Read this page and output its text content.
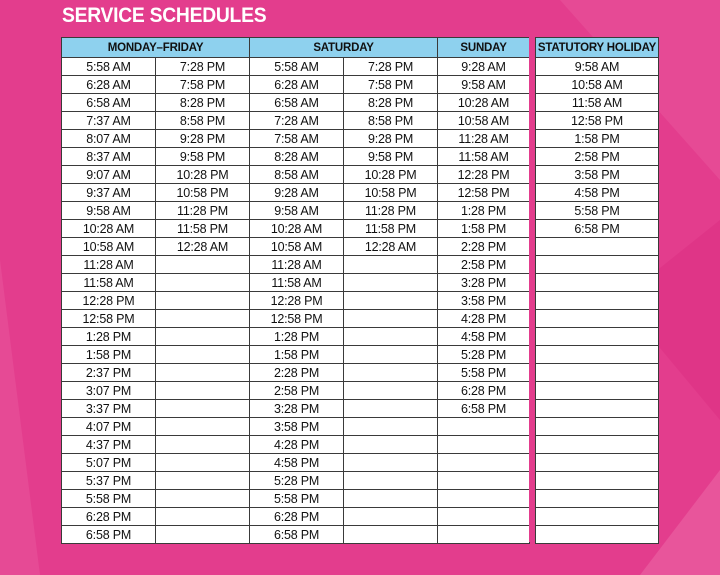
SERVICE SCHEDULES
MONDAY–FRIDAY		SATURDAY		SUNDAY
5:58 AM	7:28 PM	5:58 AM	7:28 PM	9:28 AM
6:28 AM	7:58 PM	6:28 AM	7:58 PM	9:58 AM
6:58 AM	8:28 PM	6:58 AM	8:28 PM	10:28 AM
7:37 AM	8:58 PM	7:28 AM	8:58 PM	10:58 AM
8:07 AM	9:28 PM	7:58 AM	9:28 PM	11:28 AM
8:37 AM	9:58 PM	8:28 AM	9:58 PM	11:58 AM
9:07 AM	10:28 PM	8:58 AM	10:28 PM	12:28 PM
9:37 AM	10:58 PM	9:28 AM	10:58 PM	12:58 PM
9:58 AM	11:28 PM	9:58 AM	11:28 PM	1:28 PM
10:28 AM	11:58 PM	10:28 AM	11:58 PM	1:58 PM
10:58 AM	12:28 AM	10:58 AM	12:28 AM	2:28 PM
11:28 AM		11:28 AM		2:58 PM
11:58 AM		11:58 AM		3:28 PM
12:28 PM		12:28 PM		3:58 PM
12:58 PM		12:58 PM		4:28 PM
1:28 PM		1:28 PM		4:58 PM
1:58 PM		1:58 PM		5:28 PM
2:37 PM		2:28 PM		5:58 PM
3:07 PM		2:58 PM		6:28 PM
3:37 PM		3:28 PM		6:58 PM
4:07 PM		3:58 PM		
4:37 PM		4:28 PM		
5:07 PM		4:58 PM		
5:37 PM		5:28 PM		
5:58 PM		5:58 PM		
6:28 PM		6:28 PM		
6:58 PM		6:58 PM		
STATUTORY HOLIDAY
9:58 AM
10:58 AM
11:58 AM
12:58 PM
1:58 PM
2:58 PM
3:58 PM
4:58 PM
5:58 PM
6:58 PM
